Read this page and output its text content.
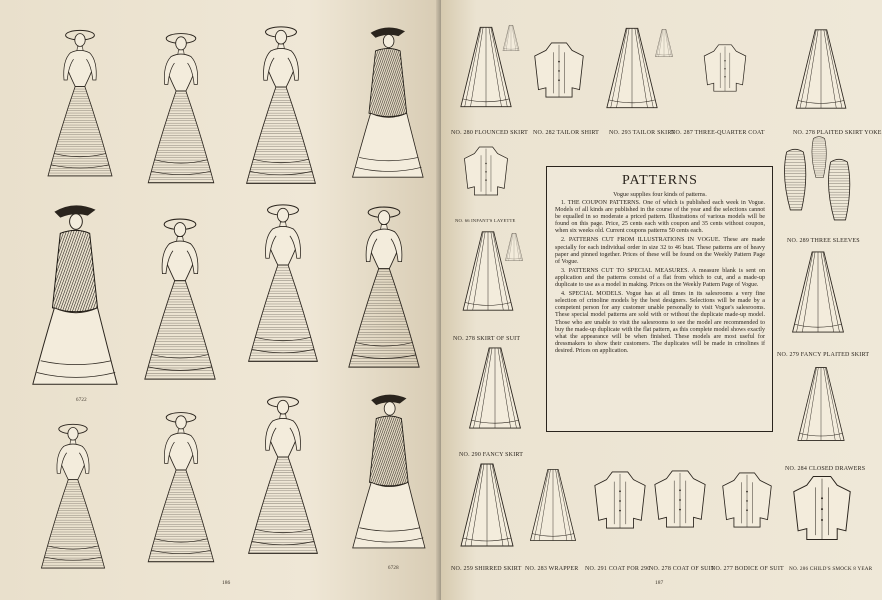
6722
6728
186
NO. 280 FLOUNCED SKIRT NO. 282 TAILOR SHIRT NO. 293 TAILOR SKIRT
NO. 287 THREE-QUARTER COAT	NO. 278 PLAITED SKIRT YOKE
NO. 66 INFANT'S LAYETTE
NO. 278 SKIRT OF SUIT
NO. 290 FANCY SKIRT
NO. 289 THREE SLEEVES
NO. 279 FANCY PLAITED SKIRT
NO. 284 CLOSED DRAWERS
NO. 259 SHIRRED SKIRT NO. 283 WRAPPER NO. 291 COAT FOR 290
NO. 278 COAT OF SUIT
NO. 277 BODICE OF SUIT NO. 286 CHILD'S SMOCK 8 YEAR
187
PATTERNS
Vogue supplies four kinds of patterns.

1. THE COUPON PATTERNS. One of which is published each week in Vogue. Models of all kinds are published in the course of the year and the selections cannot be equalled in so moderate a priced pattern. Illustrations of various models will be found on this page. Price, 25 cents each with coupon and 35 cents without coupon, when six weeks old. Current coupons patterns 50 cents each.

2. PATTERNS CUT FROM ILLUSTRATIONS IN VOGUE. These are made specially for each individual order in size 32 to 46 bust. These patterns are of heavy paper and pinned together. Prices of these will be found on the Weekly Pattern Page of Vogue.

3. PATTERNS CUT TO SPECIAL MEASURES. A measure blank is sent on application and the patterns consist of a flat from which to cut, and a made-up duplicate to use as a model in making. Prices on the Weekly Pattern Page of Vogue.

4. SPECIAL MODELS. Vogue has at all times in its salesrooms a very fine selection of crinoline models by the best designers. Selections will be made by a competent person for any customer unable personally to visit Vogue's salesrooms. These special model patterns are sold with or without the duplicate made-up model. Those who are unable to visit the salesrooms to see the model are recommended to buy the made-up duplicate with the flat pattern, as this complete model shows exactly what the appearance will be when finished. These models are most useful for dressmakers to show their customers. The duplicates will be made in crinolines if desired. Prices on application.
